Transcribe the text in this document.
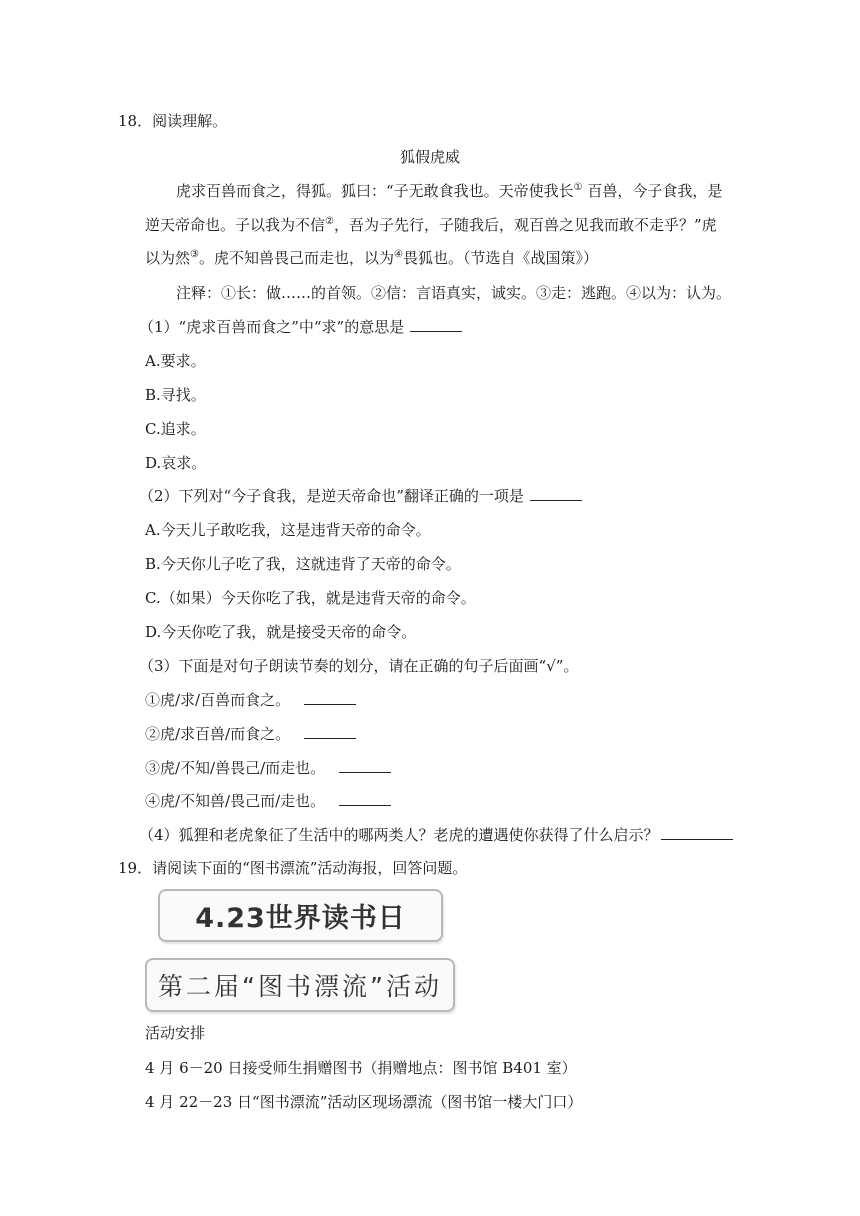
18．阅读理解。
狐假虎威
虎求百兽而食之，得狐。狐曰：“子无敢食我也。天帝使我长① 百兽，今子食我，是
逆天帝命也。子以我为不信②，吾为子先行，子随我后，观百兽之见我而敢不走乎？”虎
以为然③。虎不知兽畏己而走也，以为④畏狐也。（节选自《战国策》）
注释：①长：做……的首领。②信：言语真实，诚实。③走：逃跑。④以为：认为。
（1）“虎求百兽而食之”中“求”的意思是
A.要求。
B.寻找。
C.追求。
D.哀求。
（2）下列对“今子食我，是逆天帝命也”翻译正确的一项是
A.今天儿子敢吃我，这是违背天帝的命令。
B.今天你儿子吃了我，这就违背了天帝的命令。
C.（如果）今天你吃了我，就是违背天帝的命令。
D.今天你吃了我，就是接受天帝的命令。
（3）下面是对句子朗读节奏的划分，请在正确的句子后面画“√”。
①虎/求/百兽而食之。
②虎/求百兽/而食之。
③虎/不知/兽畏己/而走也。
④虎/不知兽/畏己而/走也。
（4）狐狸和老虎象征了生活中的哪两类人？老虎的遭遇使你获得了什么启示？
19．请阅读下面的“图书漂流”活动海报，回答问题。
4.23世界读书日
第二届“图书漂流”活动
活动安排
4 月 6－20 日接受师生捐赠图书（捐赠地点：图书馆 B401 室）
4 月 22－23 日“图书漂流”活动区现场漂流（图书馆一楼大门口）
